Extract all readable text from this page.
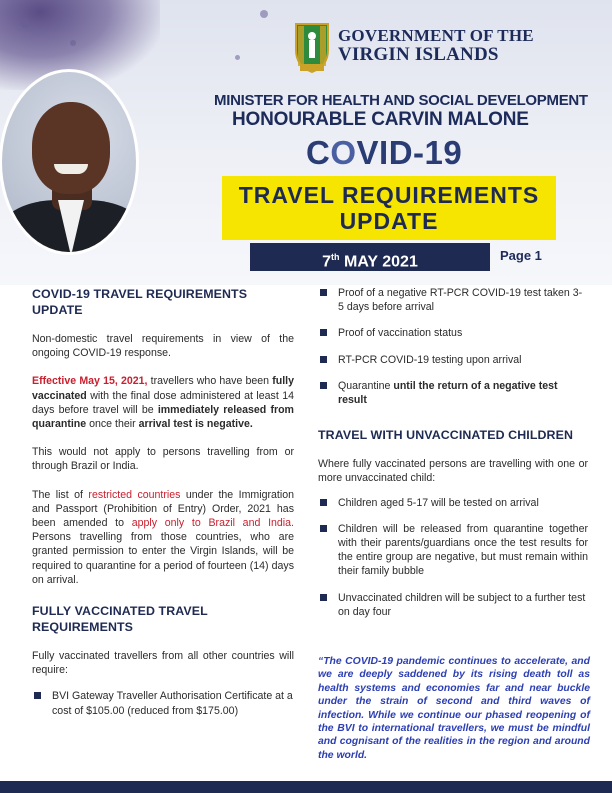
GOVERNMENT OF THE
VIRGIN ISLANDS
MINISTER FOR HEALTH AND SOCIAL DEVELOPMENT
HONOURABLE CARVIN MALONE
COVID-19
TRAVEL REQUIREMENTS
UPDATE
7th MAY 2021	Page 1
COVID-19 TRAVEL REQUIREMENTS UPDATE

Non-domestic travel requirements in view of the ongoing COVID-19 response.

Effective May 15, 2021, travellers who have been fully vaccinated with the final dose administered at least 14 days before travel will be immediately released from quarantine once their arrival test is negative.

This would not apply to persons travelling from or through Brazil or India.

The list of restricted countries under the Immigration and Passport (Prohibition of Entry) Order, 2021 has been amended to apply only to Brazil and India. Persons travelling from those countries, who are granted permission to enter the Virgin Islands, will be required to quarantine for a period of fourteen (14) days on arrival.

FULLY VACCINATED TRAVEL REQUIREMENTS

Fully vaccinated travellers from all other countries will require:

BVI Gateway Traveller Authorisation Certificate at a cost of $105.00 (reduced from $175.00)
Proof of a negative RT-PCR COVID-19 test taken 3-5 days before arrival
Proof of vaccination status
RT-PCR COVID-19 testing upon arrival
Quarantine until the return of a negative test result
TRAVEL WITH UNVACCINATED CHILDREN

Where fully vaccinated persons are travelling with one or more unvaccinated child:

Children aged 5-17 will be tested on arrival
Children will be released from quarantine together with their parents/guardians once the test results for the entire group are negative, but must remain within their family bubble
Unvaccinated children will be subject to a further test on day four
“The COVID-19 pandemic continues to accelerate, and we are deeply saddened by its rising death toll as health systems and economies far and near buckle under the strain of second and third waves of infection. While we continue our phased reopening of the BVI to international travellers, we must be mindful and cognisant of the realities in the region and around the world.
